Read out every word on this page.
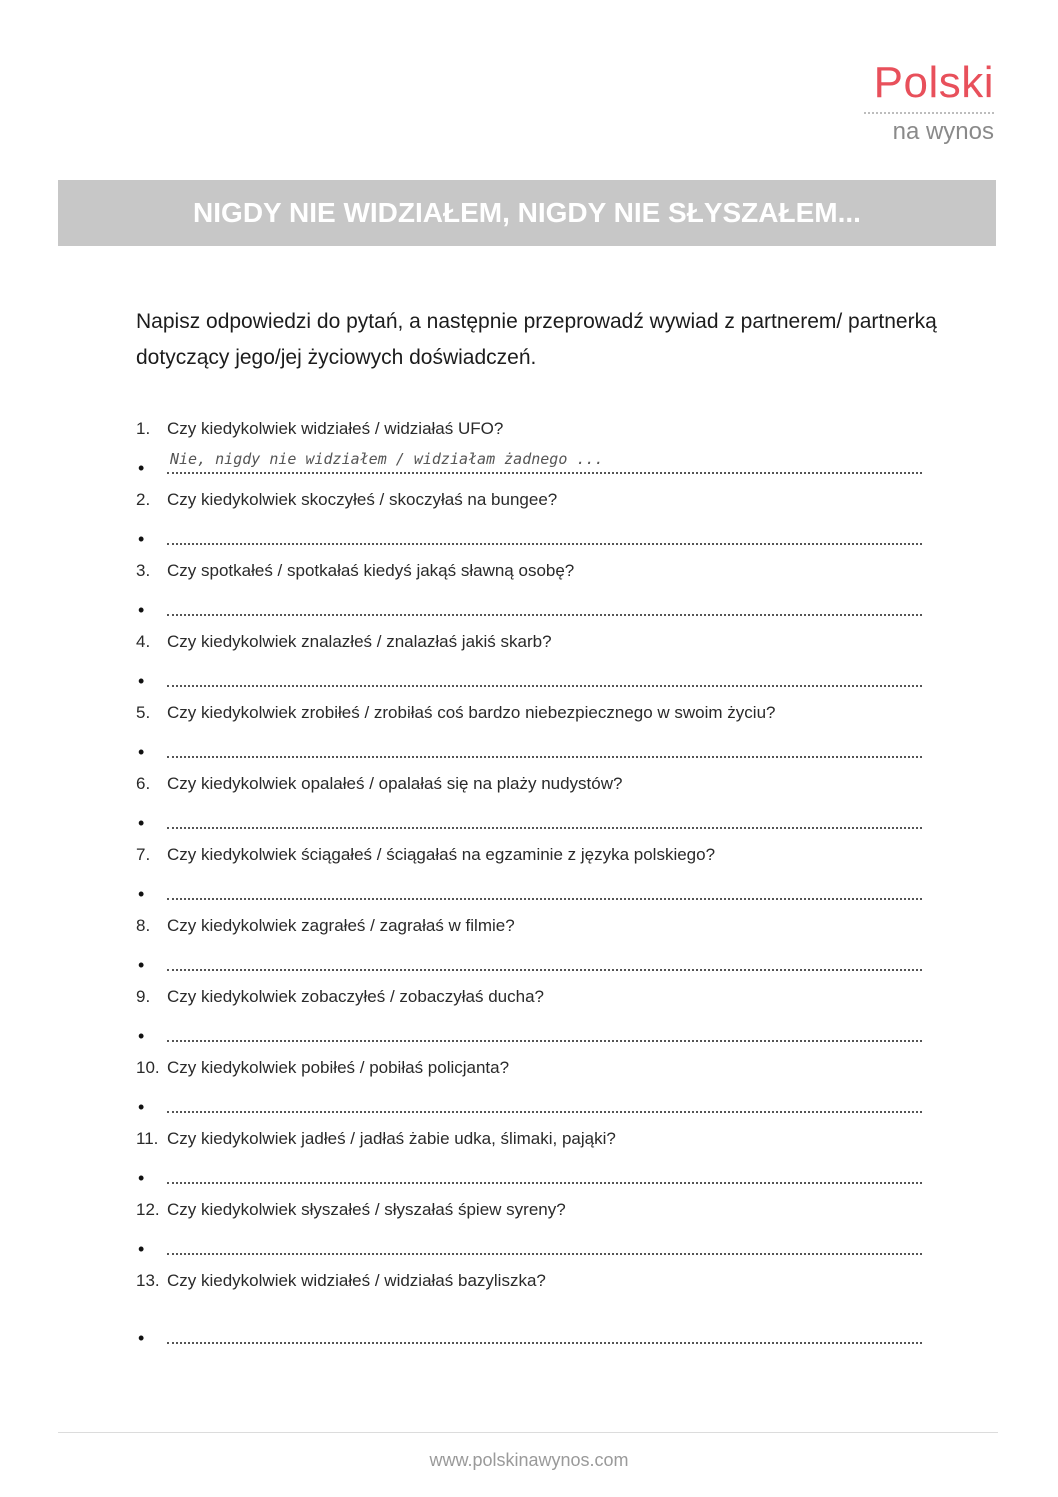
Polski
na wynos
NIGDY NIE WIDZIAŁEM, NIGDY NIE SŁYSZAŁEM...
Napisz odpowiedzi do pytań, a następnie przeprowadź wywiad z partnerem/ partnerką dotyczący jego/jej życiowych doświadczeń.
1. Czy kiedykolwiek widziałeś / widziałaś UFO?
• Nie, nigdy nie widziałem / widziałam żadnego ...
2. Czy kiedykolwiek skoczyłeś / skoczyłaś na bungee?
•
3. Czy spotkałeś / spotkałaś kiedyś jakąś sławną osobę?
•
4. Czy kiedykolwiek znalazłeś / znalazłaś jakiś skarb?
•
5. Czy kiedykolwiek zrobiłeś / zrobiłaś coś bardzo niebezpiecznego w swoim życiu?
•
6. Czy kiedykolwiek opalałeś / opalałaś się na plaży nudystów?
•
7. Czy kiedykolwiek ściągałeś / ściągałaś na egzaminie z języka polskiego?
•
8. Czy kiedykolwiek zagrałeś / zagrałaś w filmie?
•
9. Czy kiedykolwiek zobaczyłeś / zobaczyłaś ducha?
•
10. Czy kiedykolwiek pobiłeś / pobiłaś policjanta?
•
11. Czy kiedykolwiek jadłeś / jadłaś żabie udka, ślimaki, pająki?
•
12. Czy kiedykolwiek słyszałeś / słyszałaś śpiew syreny?
•
13. Czy kiedykolwiek widziałeś / widziałaś bazyliszka?
•
www.polskinawynos.com
